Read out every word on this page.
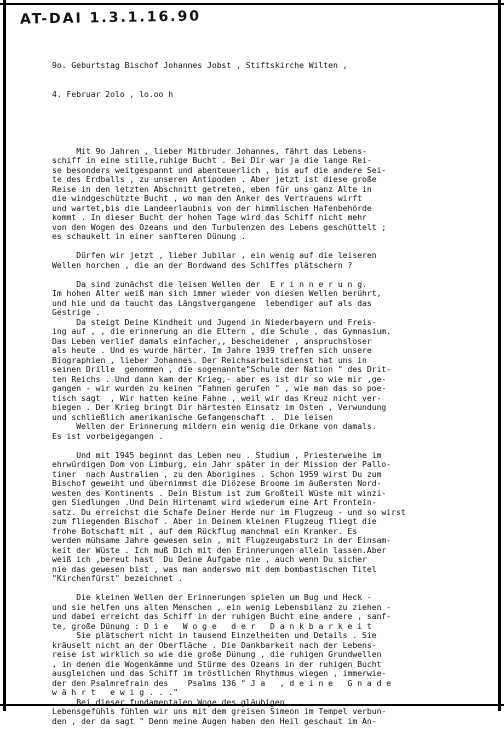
AT-DAI 1.3.1.16.90

9o. Geburtstag Bischof Johannes Jobst , Stiftskirche Wilten ,

4. Februar 2olo , lo.oo h

Mit 9o Jahren , lieber Mitbruder Johannes, fährt das Lebens-
schiff in eine stille,ruhige Bucht . Bei Dir war ja die lange Rei-
se besonders weitgespannt und abenteuerlich , bis auf die andere Sei-
te des Erdballs , zu unseren Antipoden . Aber jetzt ist diese große
Reise in den letzten Abschnitt getreten, eben für uns ganz Alte in
die windgeschützte Bucht , wo man den Anker des Vertrauens wirft
und wartet,bis die Landeerlaubnis von der himmlischen Hafenbehörde
kommt . In dieser Bucht der hohen Tage wird das Schiff nicht mehr
von den Wogen des Ozeans und den Turbulenzen des Lebens geschüttelt ;
es schaukelt in einer sanfteren Dünung .
Dürfen wir jetzt , lieber Jubilar , ein wenig auf die leiseren
Wellen horchen , die an der Bordwand des Schiffes plätschern ?
Da sind zunächst die leisen Wellen der  E r i n n e r u n g.
Im hohen Alter weiß man sich immer wieder von diesen Wellen berührt,
und hie und da taucht das Längstvergangene  lebendiger auf als das
Gestrige .
Da steigt Deine Kindheit und Jugend in Niederbayern und Freis-
ing auf , , die erinnerung an die Eltern , die Schule , das Gymnasium.
Das Leben verlief damals einfacher,, bescheidener , anspruchsloser
als heute . Und es wurde härter. Im Jahre 1939 treffen sich unsere
Biographien , lieber Johannes. Der Reichsarbeitsdienst hat uns in
seinen Drille  genommen , die sogenannte"Schule der Nation " des Drit-
ten Reichs . Und dann kam der Krieg,- aber es ist dir so wie mir ,ge-
gangen - wir wurden zu keinen "Fahnen gerufen " , wie man das so poe-
tisch sagt  , Wir hatten keine Fahne , weil wir das Kreuz nicht ver-
biegen . Der Krieg bringt Dir härtesten Einsatz im Osten , Verwundung
und schließlich amerikanische Gefangenschaft .  Die leisen
Wellen der Erinnerung mildern ein wenig die Orkane von damals.
Es ist vorbeigegangen .
Und mit 1945 beginnt das Leben neu . Studium , Priesterweihe im
ehrwürdigen Dom von Limburg, ein Jahr später in der Mission der Pallo-
tiner  nach Australien , zu den Aborigines . Schon 1959 wirst Du zum
Bischof geweiht und übernimmst die Diözese Broome im äußersten Nord-
westen des Kontinents . Dein Bistum ist zum Großteil Wüste mit winzi-
gen Siedlungen .Und Dein Hirtenamt wird wiederum eine Art Frontein-
satz. Du erreichst die Schafe Deiner Herde nur im Flugzeug - und so wirst
zum fliegenden Bischof . Aber in Deinem kleinen Flugzeug fliegt die
frohe Botschaft mit , auf dem Rückflug manchmal ein Kranker. Es
werden mühsame Jahre gewesen sein , mit Flugzeugabsturz in der Einsam-
keit der Wüste . Ich muß Dich mit den Erinnerungen allein lassen.Aber
weiß ich ,bereut hast  Du Deine Aufgabe nie , auch wenn Du sicher
nie das gewesen bist , was man anderswo mit dem bombastischen Titel
"Kirchenfürst" bezeichnet .
Die kleinen Wellen der Erinnerungen spielen um Bug und Heck -
und sie helfen uns alten Menschen , ein wenig Lebensbilanz zu ziehen -
und dabei erreicht das Schiff in der ruhigen Bucht eine andere , sanf-
te, große Dünung : D i e   W o g e   d e r   D a n k b a r k e i t
Sie plätschert nicht in tausend Einzelheiten und Details . Sie
kräuselt nicht an der Oberfläche . Die Dankbarkeit nach der Lebens-
reise ist wirklich so wie die große Dünung , die ruhigen Grundwellen
, in denen die Wogenkämme und Stürme des Ozeans in der ruhigen Bucht
ausgleichen und das Schiff im tröstlichen Rhythmus wiegen , immerwie-
der den Psalmrefrain des    Psalms 136 " J a   , d e i n e   G n a d e
w ä h r t   e w i g . . ."
Bei dieser fundamentalen Woge des gläubigen
Lebensgefühls fühlen wir uns mit dem greisen Simeon im Tempel verbun-
den , der da sagt " Denn meine Augen haben den Heil geschaut im An-
